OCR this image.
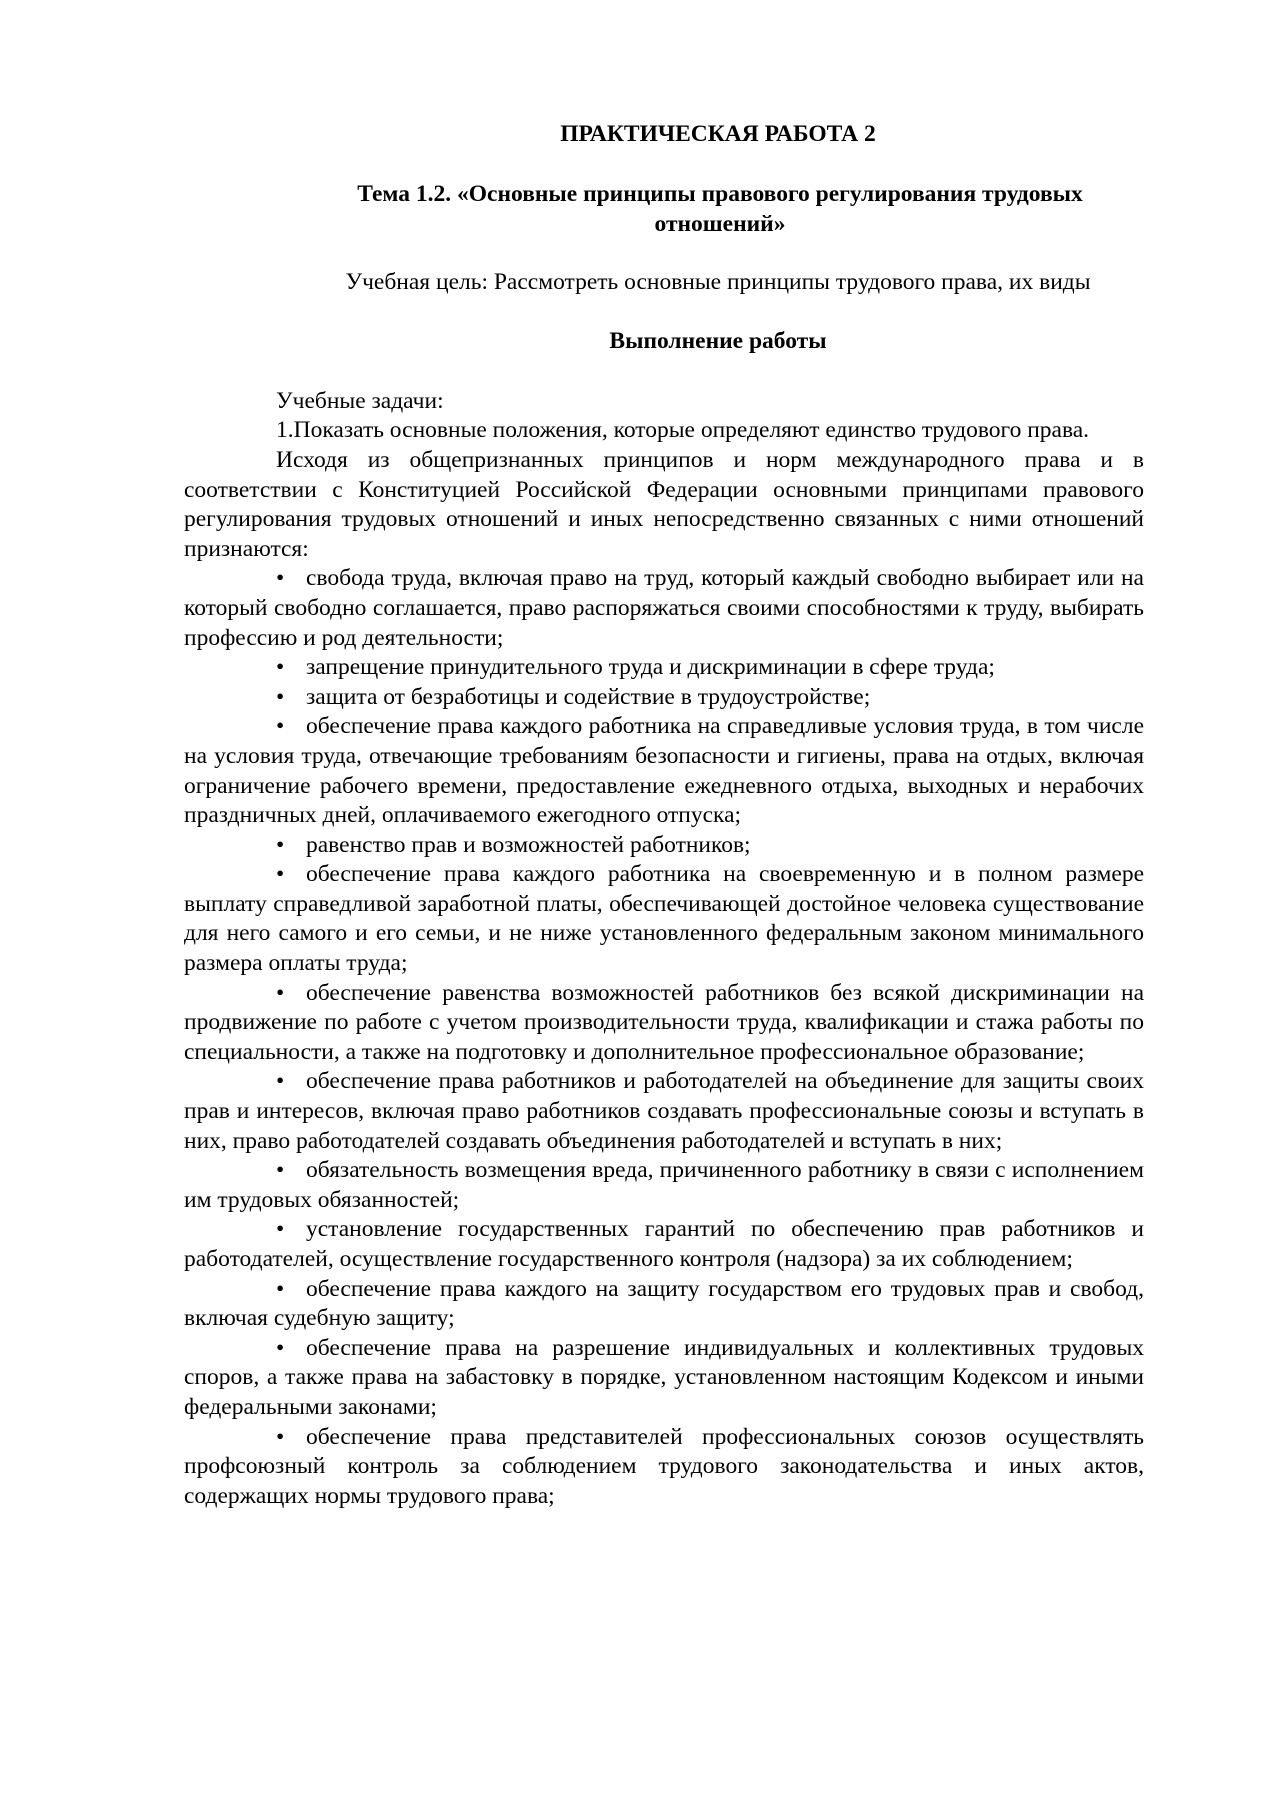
ПРАКТИЧЕСКАЯ РАБОТА 2

Тема 1.2. «Основные принципы правового регулирования трудовых отношений»

Учебная цель: Рассмотреть основные принципы трудового права, их виды

Выполнение работы

Учебные задачи:

1.Показать основные положения, которые определяют единство трудового права.

Исходя из общепризнанных принципов и норм международного права и в соответствии с Конституцией Российской Федерации основными принципами правового регулирования трудовых отношений и иных непосредственно связанных с ними отношений признаются:

• свобода труда, включая право на труд, который каждый свободно выбирает или на который свободно соглашается, право распоряжаться своими способностями к труду, выбирать профессию и род деятельности;

• запрещение принудительного труда и дискриминации в сфере труда;

• защита от безработицы и содействие в трудоустройстве;

• обеспечение права каждого работника на справедливые условия труда, в том числе на условия труда, отвечающие требованиям безопасности и гигиены, права на отдых, включая ограничение рабочего времени, предоставление ежедневного отдыха, выходных и нерабочих праздничных дней, оплачиваемого ежегодного отпуска;

• равенство прав и возможностей работников;

• обеспечение права каждого работника на своевременную и в полном размере выплату справедливой заработной платы, обеспечивающей достойное человека существование для него самого и его семьи, и не ниже установленного федеральным законом минимального размера оплаты труда;

• обеспечение равенства возможностей работников без всякой дискриминации на продвижение по работе с учетом производительности труда, квалификации и стажа работы по специальности, а также на подготовку и дополнительное профессиональное образование;

• обеспечение права работников и работодателей на объединение для защиты своих прав и интересов, включая право работников создавать профессиональные союзы и вступать в них, право работодателей создавать объединения работодателей и вступать в них;

• обязательность возмещения вреда, причиненного работнику в связи с исполнением им трудовых обязанностей;

• установление государственных гарантий по обеспечению прав работников и работодателей, осуществление государственного контроля (надзора) за их соблюдением;

• обеспечение права каждого на защиту государством его трудовых прав и свобод, включая судебную защиту;

• обеспечение права на разрешение индивидуальных и коллективных трудовых споров, а также права на забастовку в порядке, установленном настоящим Кодексом и иными федеральными законами;

• обеспечение права представителей профессиональных союзов осуществлять профсоюзный контроль за соблюдением трудового законодательства и иных актов, содержащих нормы трудового права;
